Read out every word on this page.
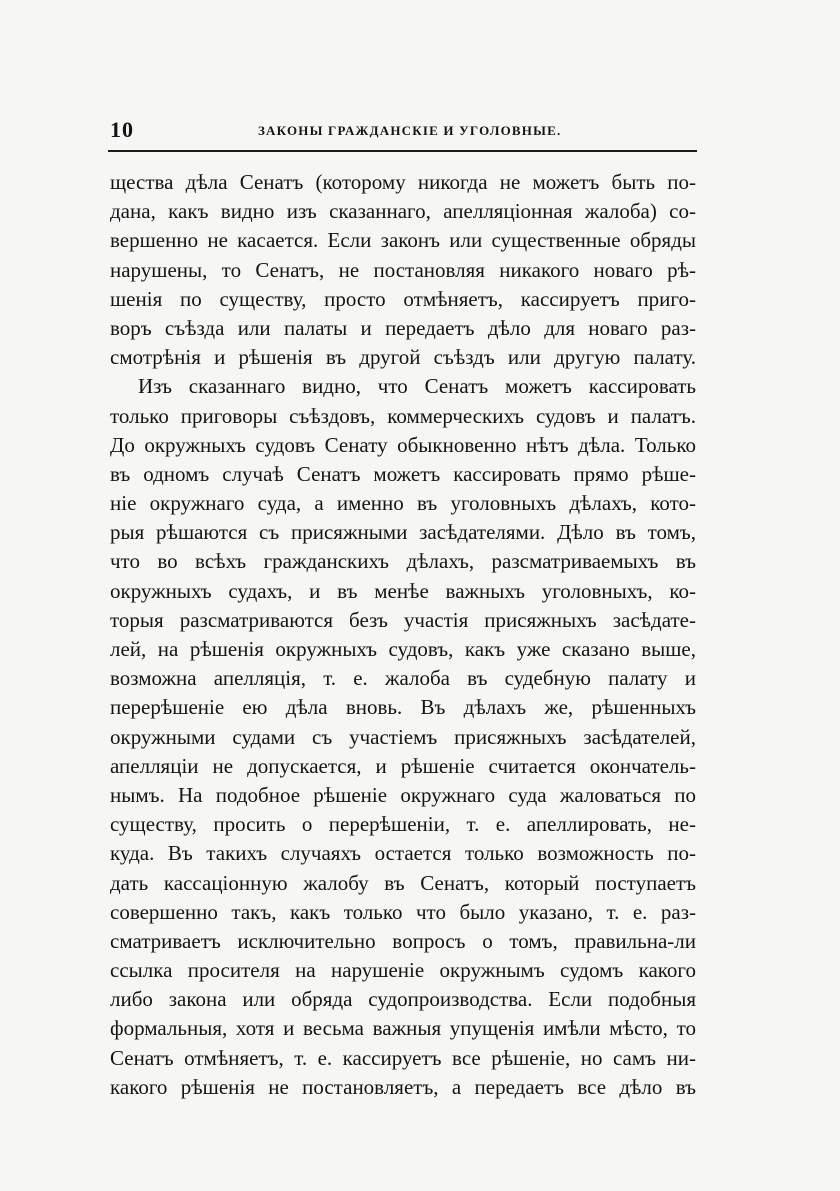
10	ЗАКОНЫ ГРАЖДАНСКІЕ И УГОЛОВНЫЕ.
щества дѣла Сенатъ (которому никогда не можетъ быть по-
дана, какъ видно изъ сказаннаго, апелляціонная жалоба) со-
вершенно не касается. Если законъ или существенные обряды
нарушены, то Сенатъ, не постановляя никакого новаго рѣ-
шенія по существу, просто отмѣняетъ, кассируетъ приго-
воръ съѣзда или палаты и передаетъ дѣло для новаго раз-
смотрѣнія и рѣшенія въ другой съѣздъ или другую палату.
Изъ сказаннаго видно, что Сенатъ можетъ кассировать
только приговоры съѣздовъ, коммерческихъ судовъ и палатъ.
До окружныхъ судовъ Сенату обыкновенно нѣтъ дѣла. Только
въ одномъ случаѣ Сенатъ можетъ кассировать прямо рѣше-
ніе окружнаго суда, а именно въ уголовныхъ дѣлахъ, кото-
рыя рѣшаются съ присяжными засѣдателями. Дѣло въ томъ,
что во всѣхъ гражданскихъ дѣлахъ, разсматриваемыхъ въ
окружныхъ судахъ, и въ менѣе важныхъ уголовныхъ, ко-
торыя разсматриваются безъ участія присяжныхъ засѣдате-
лей, на рѣшенія окружныхъ судовъ, какъ уже сказано выше,
возможна апелляція, т. е. жалоба въ судебную палату и
перерѣшеніе ею дѣла вновь. Въ дѣлахъ же, рѣшенныхъ
окружными судами съ участіемъ присяжныхъ засѣдателей,
апелляціи не допускается, и рѣшеніе считается окончатель-
нымъ. На подобное рѣшеніе окружнаго суда жаловаться по
существу, просить о перерѣшеніи, т. е. апеллировать, не-
куда. Въ такихъ случаяхъ остается только возможность по-
дать кассаціонную жалобу въ Сенатъ, который поступаетъ
совершенно такъ, какъ только что было указано, т. е. раз-
сматриваетъ исключительно вопросъ о томъ, правильна-ли
ссылка просителя на нарушеніе окружнымъ судомъ какого
либо закона или обряда судопроизводства. Если подобныя
формальныя, хотя и весьма важныя упущенія имѣли мѣсто, то
Сенатъ отмѣняетъ, т. е. кассируетъ все рѣшеніе, но самъ ни-
какого рѣшенія не постановляетъ, а передаетъ все дѣло въ
